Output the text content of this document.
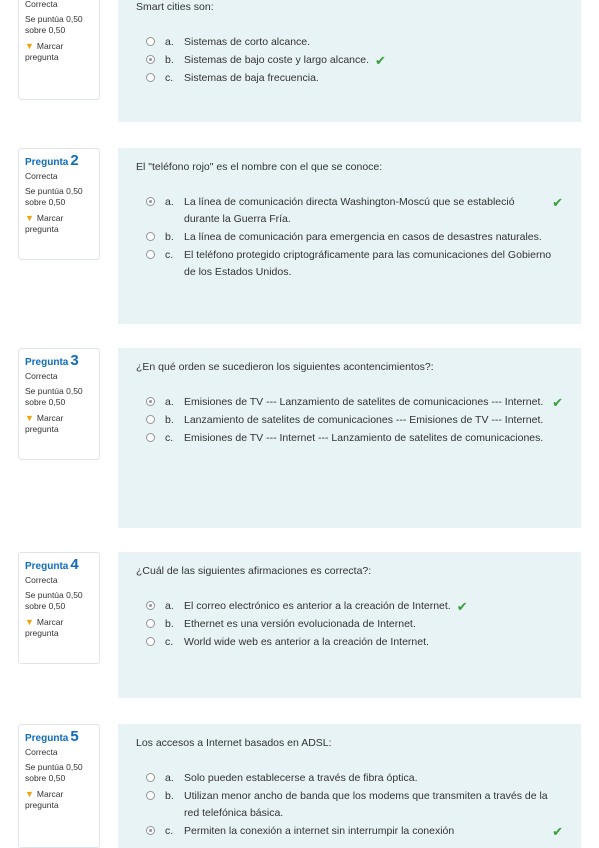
Correcta
Se puntúa 0,50 sobre 0,50
▼ Marcar pregunta

Smart cities son:

a. Sistemas de corto alcance.
b. Sistemas de bajo coste y largo alcance. ✔
c.	Sistemas de baja frecuencia.
Pregunta 2
Correcta
Se puntúa 0,50 sobre 0,50
▼ Marcar pregunta

El "teléfono rojo" es el nombre con el que se conoce:

a. La línea de comunicación directa Washington-Moscú que se estableció durante la Guerra Fría.
✔
b. La línea de comunicación para emergencia en casos de desastres naturales.
c.	El teléfono protegido criptográficamente para las comunicaciones del Gobierno de los Estados Unidos.
Pregunta 3
Correcta
Se puntúa 0,50 sobre 0,50
▼ Marcar pregunta

¿En qué orden se sucedieron los siguientes acontencimientos?:

a. Emisiones de TV --- Lanzamiento de satelites de comunicaciones --- Internet. ✔
b. Lanzamiento de satelites de comunicaciones --- Emisiones de TV --- Internet.
c.	Emisiones de TV --- Internet --- Lanzamiento de satelites de comunicaciones.
Pregunta 4
Correcta
Se puntúa 0,50 sobre 0,50
▼ Marcar pregunta

¿Cuál de las siguientes afirmaciones es correcta?:

a. El correo electrónico es anterior a la creación de Internet. ✔
b. Ethernet es una versión evolucionada de Internet.
c.	World wide web es anterior a la creación de Internet.
Pregunta 5
Correcta
Se puntúa 0,50 sobre 0,50
▼ Marcar pregunta

Los accesos a Internet basados en ADSL:

a. Solo pueden establecerse a través de fibra óptica.
b. Utilizan menor ancho de banda que los modems que transmiten a través de la red telefónica básica.
c.	Permiten la conexión a internet sin interrumpir la conexión	✔
